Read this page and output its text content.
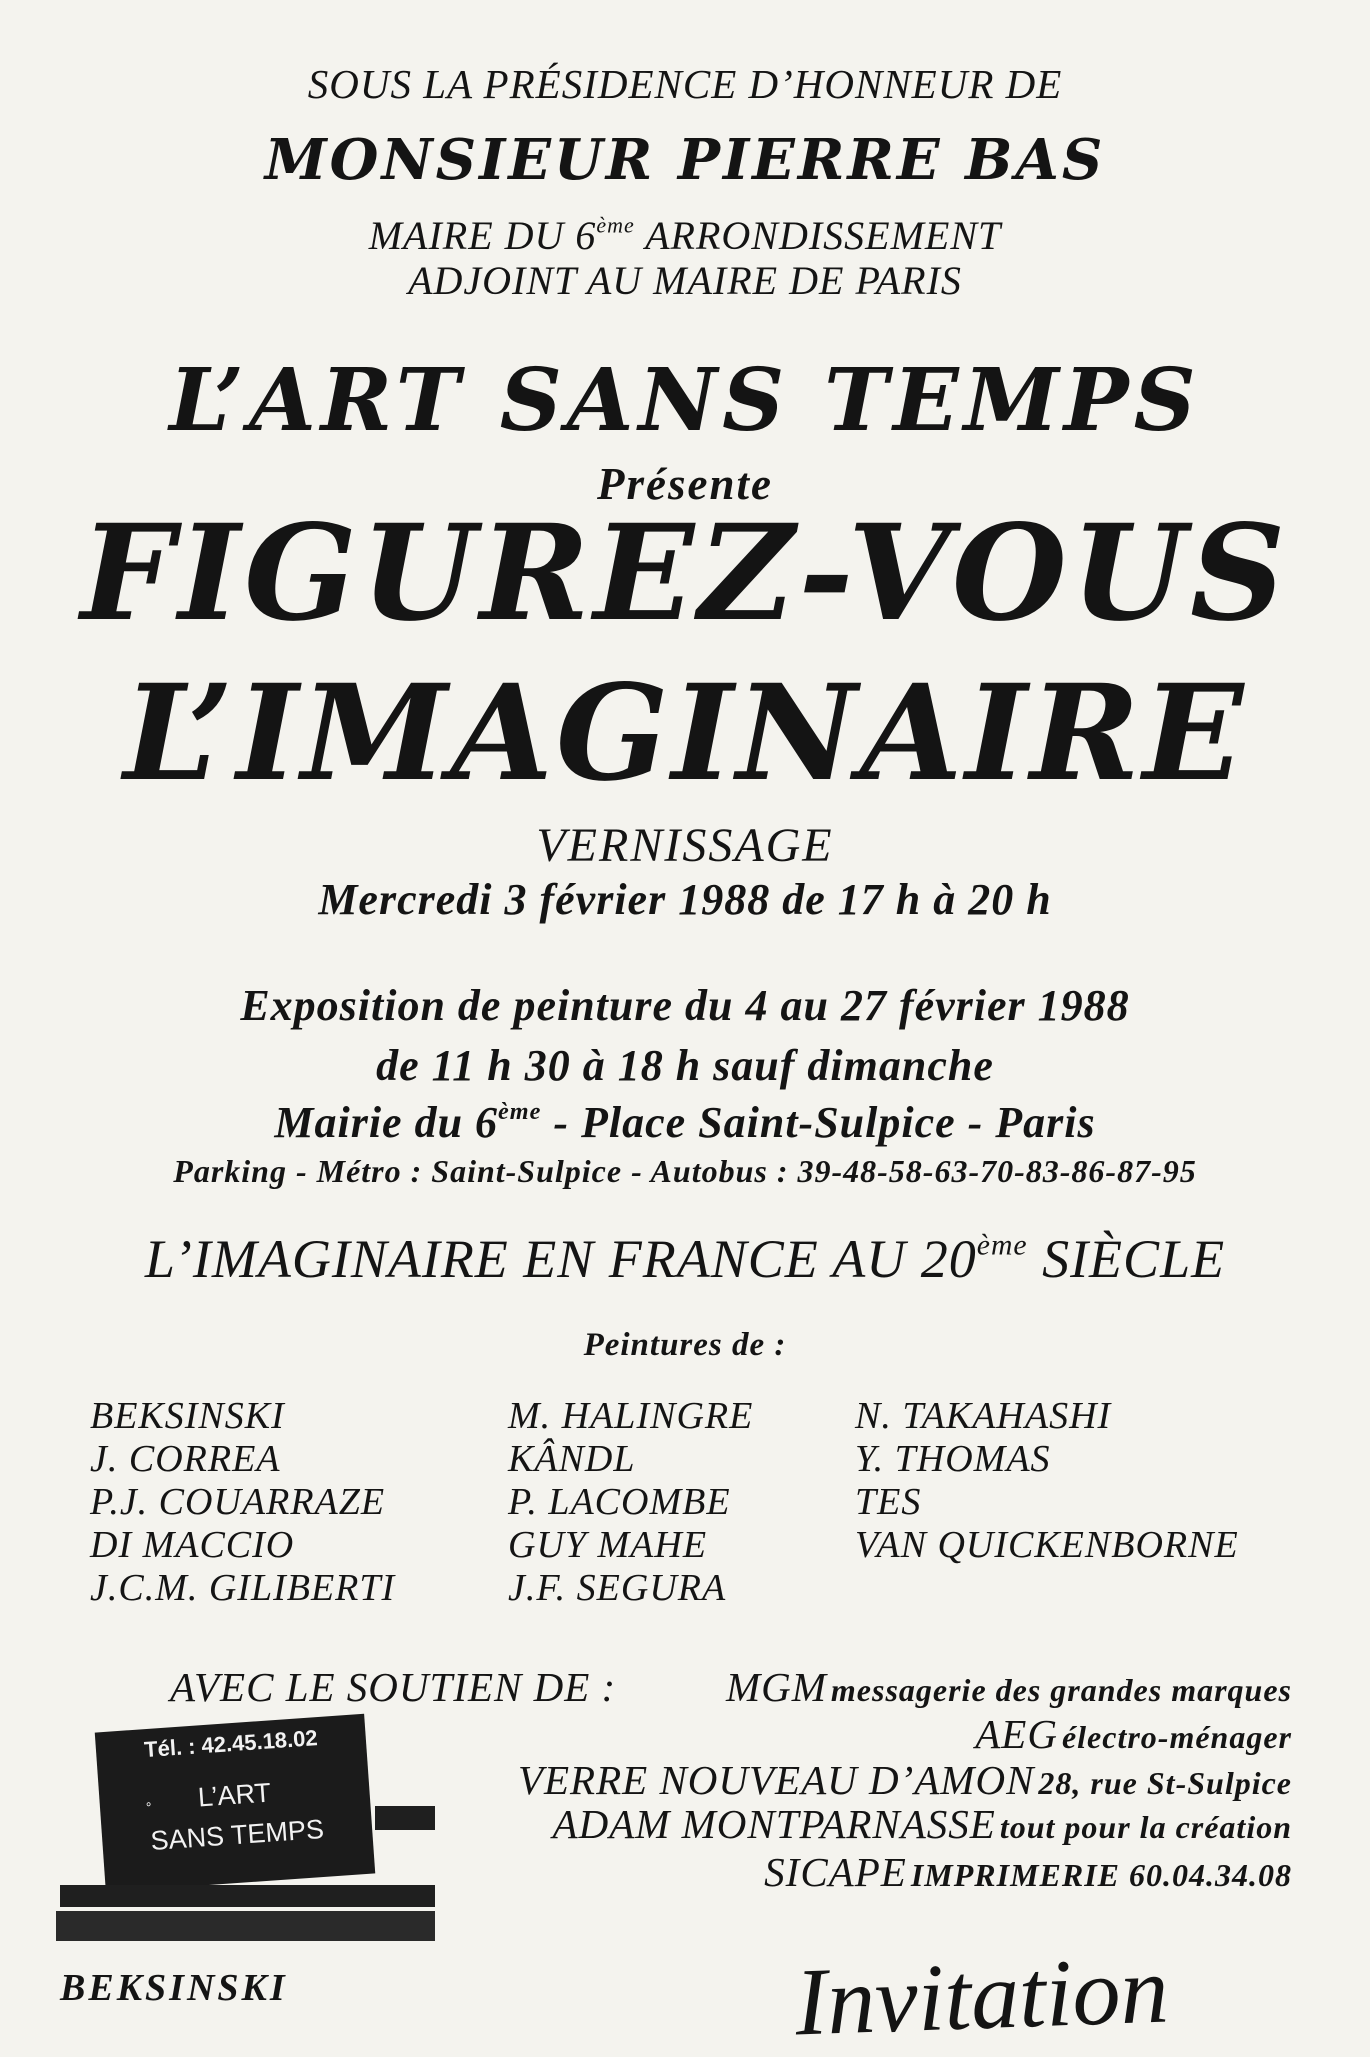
SOUS LA PRÉSIDENCE D’HONNEUR DE
MONSIEUR PIERRE BAS
MAIRE DU 6ème ARRONDISSEMENT
ADJOINT AU MAIRE DE PARIS
L’ART SANS TEMPS
Présente
FIGUREZ-VOUS
L’IMAGINAIRE
VERNISSAGE
Mercredi 3 février 1988 de 17 h à 20 h
Exposition de peinture du 4 au 27 février 1988
de 11 h 30 à 18 h sauf dimanche
Mairie du 6ème - Place Saint-Sulpice - Paris
Parking - Métro : Saint-Sulpice - Autobus : 39-48-58-63-70-83-86-87-95
L’IMAGINAIRE EN FRANCE AU 20ème SIÈCLE
Peintures de :
BEKSINSKI
J. CORREA
P.J. COUARRAZE
DI MACCIO
J.C.M. GILIBERTI
M. HALINGRE
KÂNDL
P. LACOMBE
GUY MAHE
J.F. SEGURA
N. TAKAHASHI
Y. THOMAS
TES
VAN QUICKENBORNE
AVEC LE SOUTIEN DE :	MGM messagerie des grandes marques
AEG électro-ménager
VERRE NOUVEAU D’AMON 28, rue St-Sulpice
ADAM MONTPARNASSE tout pour la création
SICAPE IMPRIMERIE 60.04.34.08
Tél. : 42.45.18.02
°	L’ART
SANS TEMPS
BEKSINSKI	Invitation
